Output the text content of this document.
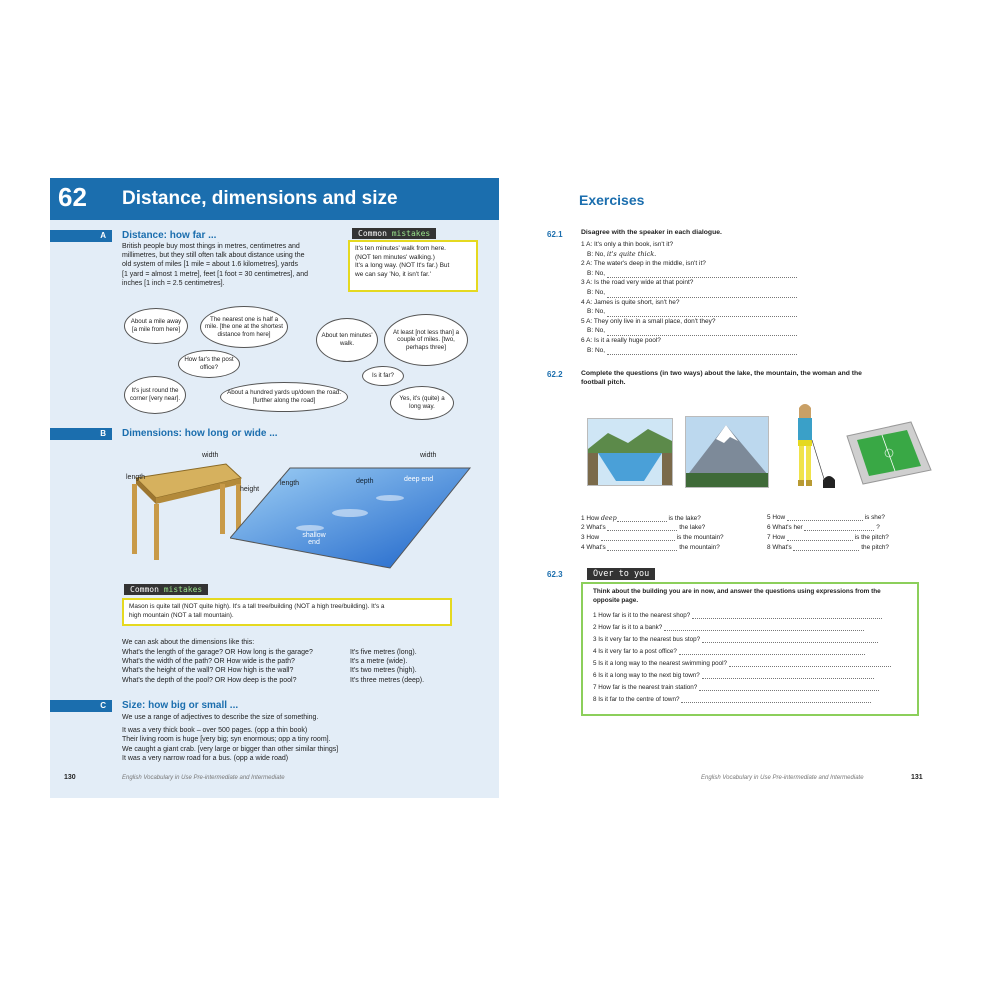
62 Distance, dimensions and size
A	Distance: how far ...
British people buy most things in metres, centimetres and
millimetres, but they still often talk about distance using the
old system of miles [1 mile = about 1.6 kilometres], yards
[1 yard = almost 1 metre], feet [1 foot = 30 centimetres], and
inches [1 inch = 2.5 centimetres].
It's ten minutes' walk from here.
(NOT ten minutes' walking.)
It's a long way. (NOT It's far.) But
we can say 'No, it isn't far.'
Common mistakes
About a mile away [a mile from here]
The nearest one is half a mile. [the one at the shortest distance from here]
How far's the post office?
It's just round the corner [very near].
About a hundred yards up/down the road. [further along the road]
About ten minutes' walk.
At least [not less than] a couple of miles. [two, perhaps three]
Is it far?
Yes, it's (quite) a long way.
B	Dimensions: how long or wide ...
width
length
height
width
length	depth	deep end
shallow end
Mason is quite tall (NOT quite high). It's a tall tree/building (NOT a high tree/building). It's a
high mountain (NOT a tall mountain).
Common mistakes
We can ask about the dimensions like this:
What's the length of the garage? OR How long is the garage?
What's the width of the path? OR How wide is the path?
What's the height of the wall? OR How high is the wall?
What's the depth of the pool? OR How deep is the pool?
It's five metres (long).
It's a metre (wide).
It's two metres (high).
It's three metres (deep).
C	Size: how big or small ...
We use a range of adjectives to describe the size of something.
It was a very thick book – over 500 pages. (opp a thin book)
Their living room is huge [very big; syn enormous; opp a tiny room].
We caught a giant crab. [very large or bigger than other similar things]
It was a very narrow road for a bus. (opp a wide road)
130	English Vocabulary in Use Pre-intermediate and Intermediate
Exercises
62.1	Disagree with the speaker in each dialogue.
1 A: It's only a thin book, isn't it?
B: No, it's quite thick.
2 A: The water's deep in the middle, isn't it?
B: No,
3 A: Is the road very wide at that point?
B: No,
4 A: James is quite short, isn't he?
B: No,
5 A: They only live in a small place, don't they?
B: No,
6 A: Is it a really huge pool?
B: No,
62.2	Complete the questions (in two ways) about the lake, the mountain, the woman and the
football pitch.
1 How deep	is the lake?
2 What's	the lake?
3 How	is the mountain?
4 What's	the mountain?
5 How	is she?
6 What's her	?
7 How	is the pitch?
8 What's	the pitch?
62.3	Over to you
Think about the building you are in now, and answer the questions using expressions from the
opposite page.
1 How far is it to the nearest shop?
2 How far is it to a bank?
3 Is it very far to the nearest bus stop?
4 Is it very far to a post office?
5 Is it a long way to the nearest swimming pool?
6 Is it a long way to the next big town?
7 How far is the nearest train station?
8 Is it far to the centre of town?
English Vocabulary in Use Pre-intermediate and Intermediate	131
